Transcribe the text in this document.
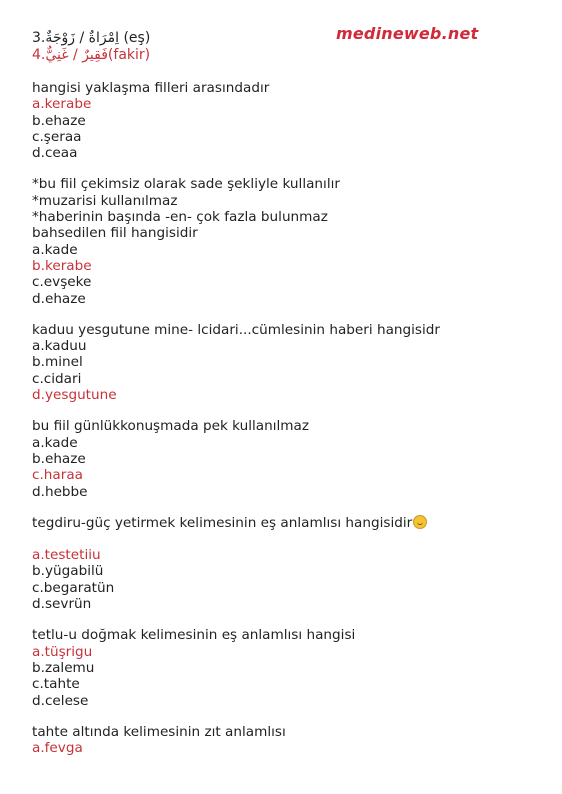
medineweb.net
3.اِمْرَاةٌ / زَوْجَةٌ (eş)
4.فَقِيرٌ / غَنِيٌّ(fakir)
hangisi yaklaşma filleri arasındadır
a.kerabe
b.ehaze
c.şeraa
d.ceaa
*bu fiil çekimsiz olarak sade şekliyle kullanılır
*muzarisi kullanılmaz
*haberinin başında -en- çok fazla bulunmaz
bahsedilen fiil hangisidir
a.kade
b.kerabe
c.evşeke
d.ehaze
kaduu yesgutune mine- lcidari...cümlesinin haberi hangisidr
a.kaduu
b.minel
c.cidari
d.yesgutune
bu fiil günlükkonuşmada pek kullanılmaz
a.kade
b.ehaze
c.haraa
d.hebbe
tegdiru-güç yetirmek kelimesinin eş anlamlısı hangisidir
a.testetiiu
b.yügabilü
c.begaratün
d.sevrün
tetlu-u doğmak kelimesinin eş anlamlısı hangisi
a.tüşrigu
b.zalemu
c.tahte
d.celese
tahte altında kelimesinin zıt anlamlısı
a.fevga
